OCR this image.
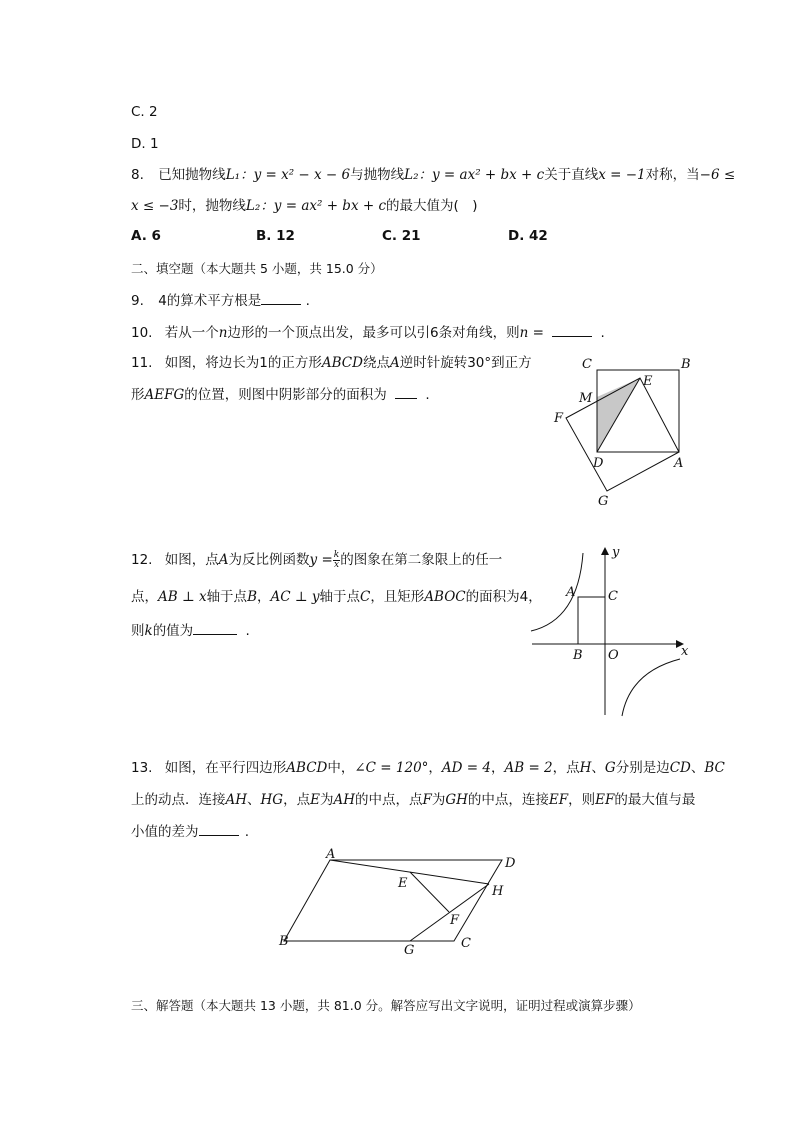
C. 2
D. 1
8. 已知抛物线L₁：y = x² − x − 6与抛物线L₂：y = ax² + bx + c关于直线x = −1对称，当−6 ≤
x ≤ −3时，抛物线L₂：y = ax² + bx + c的最大值为(　)
A. 6	B. 12	C. 21	D. 42
二、填空题（本大题共 5 小题，共 15.0 分）
9. 4的算术平方根是	.
10. 若从一个n边形的一个顶点出发，最多可以引6条对角线，则n =	.
11. 如图，将边长为1的正方形ABCD绕点A逆时针旋转30°到正方
形AEFG的位置，则图中阴影部分的面积为	.
C	B
E
M
F
D	A
G
12. 如图，点A为反比例函数$y = \frac{k}{x}$ 的图象在第二象限上的任一
点，AB ⊥ x轴于点B，AC ⊥ y轴于点C，且矩形ABOC的面积为4，
则k的值为	.
y
A	C
B O	x
13. 如图，在平行四边形ABCD中，∠C = 120°，AD = 4，AB = 2，点H、G分别是边CD、BC
上的动点．连接AH、HG，点E为AH的中点，点F为GH的中点，连接EF，则EF的最大值与最
小值的差为	.
A
D
E
H
F
B
G	C
三、解答题（本大题共 13 小题，共 81.0 分。解答应写出文字说明，证明过程或演算步骤）
